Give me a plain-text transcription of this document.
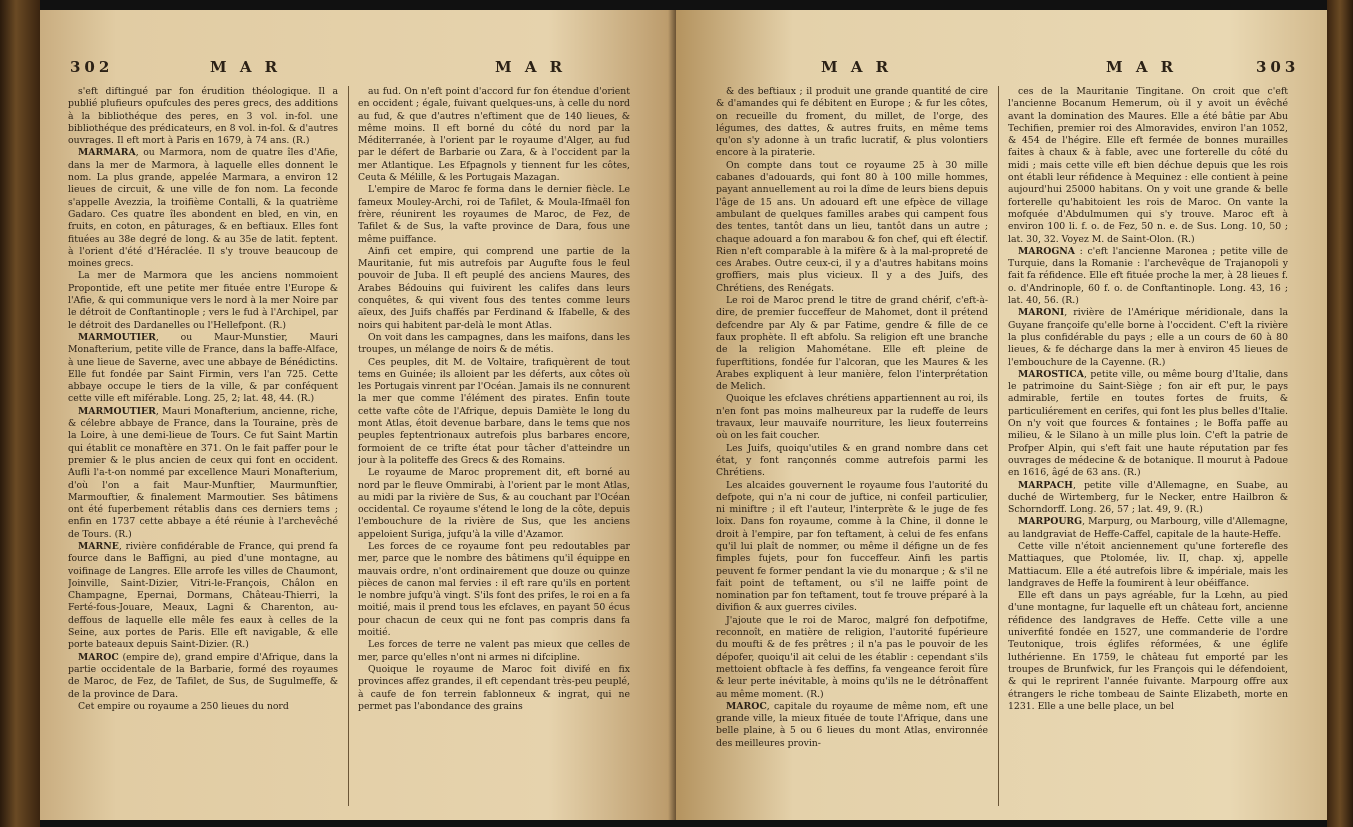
302	M A R	M A R

s'eft diftingué par fon érudition théologique. Il a publié plufieurs opufcules des peres grecs, des additions à la bibliothéque des peres, en 3 vol. in-fol. une bibliothéque des prédicateurs, en 8 vol. in-fol. & d'autres ouvrages. Il eft mort à Paris en 1679, à 74 ans. (R.)

MARMARA, ou Marmora, nom de quatre îles d'Afie, dans la mer de Marmora, à laquelle elles donnent le nom. La plus grande, appelée Marmara, a environ 12 lieues de circuit, & une ville de fon nom. La feconde s'appelle Avezzia, la troifième Contalli, & la quatrième Gadaro. Ces quatre îles abondent en bled, en vin, en fruits, en coton, en pâturages, & en beftiaux. Elles font fituées au 38e degré de long. & au 35e de latit. feptent. à l'orient d'été d'Héraclée. Il s'y trouve beaucoup de moines grecs.

La mer de Marmora que les anciens nommoient Propontide, eft une petite mer fituée entre l'Europe & l'Afie, & qui communique vers le nord à la mer Noire par le détroit de Conftantinople ; vers le fud à l'Archipel, par le détroit des Dardanelles ou l'Hellefpont. (R.)

MARMOUTIER, ou Maur-Munstier, Mauri Monafterium, petite ville de France, dans la baffe-Alface, à une lieue de Saverne, avec une abbaye de Bénédictins. Elle fut fondée par Saint Firmin, vers l'an 725. Cette abbaye occupe le tiers de la ville, & par conféquent cette ville eft miférable. Long. 25, 2; lat. 48, 44. (R.)

MARMOUTIER, Mauri Monafterium, ancienne, riche, & célebre abbaye de France, dans la Touraine, près de la Loire, à une demi-lieue de Tours. Ce fut Saint Martin qui établit ce monaftère en 371. On le fait paffer pour le premier & le plus ancien de ceux qui font en occident. Aufli l'a-t-on nommé par excellence Mauri Monafterium, d'où l'on a fait Maur-Munftier, Maurmunftier, Marmouftier, & finalement Marmoutier. Ses bâtimens ont été fuperbement rétablis dans ces derniers tems ; enfin en 1737 cette abbaye a été réunie à l'archevêché de Tours. (R.)

MARNE, rivière confidérable de France, qui prend fa fource dans le Baffigni, au pied d'une montagne, au voifinage de Langres. Elle arrofe les villes de Chaumont, Joinville, Saint-Dizier, Vitri-le-François, Châlon en Champagne, Epernai, Dormans, Château-Thierri, la Ferté-fous-Jouare, Meaux, Lagni & Charenton, au-deffous de laquelle elle mêle fes eaux à celles de la Seine, aux portes de Paris. Elle eft navigable, & elle porte bateaux depuis Saint-Dizier. (R.)

MAROC (empire de), grand empire d'Afrique, dans la partie occidentale de la Barbarie, formé des royaumes de Maroc, de Fez, de Tafilet, de Sus, de Sugulmeffe, & de la province de Dara.

Cet empire ou royaume a 250 lieues du nord

au fud. On n'eft point d'accord fur fon étendue d'orient en occident ; égale, fuivant quelques-uns, à celle du nord au fud, & que d'autres n'eftiment que de 140 lieues, & même moins. Il eft borné du côté du nord par la Méditerranée, à l'orient par le royaume d'Alger, au fud par le défert de Barbarie ou Zara, & à l'occident par la mer Atlantique. Les Efpagnols y tiennent fur les côtes, Ceuta & Mélille, & les Portugais Mazagan.

L'empire de Maroc fe forma dans le dernier fiècle. Le fameux Mouley-Archi, roi de Tafilet, & Moula-Ifmaël fon frère, réunirent les royaumes de Maroc, de Fez, de Tafilet & de Sus, la vafte province de Dara, fous une même puiffance.

Ainfi cet empire, qui comprend une partie de la Mauritanie, fut mis autrefois par Augufte fous le feul pouvoir de Juba. Il eft peuplé des anciens Maures, des Arabes Bédouins qui fuivirent les califes dans leurs conquêtes, & qui vivent fous des tentes comme leurs aïeux, des Juifs chaffés par Ferdinand & Ifabelle, & des noirs qui habitent par-delà le mont Atlas.

On voit dans les campagnes, dans les maifons, dans les troupes, un mélange de noirs & de métis.

Ces peuples, dit M. de Voltaire, trafiquèrent de tout tems en Guinée; ils alloient par les déferts, aux côtes où les Portugais vinrent par l'Océan. Jamais ils ne connurent la mer que comme l'élément des pirates. Enfin toute cette vafte côte de l'Afrique, depuis Damiète le long du mont Atlas, étoit devenue barbare, dans le tems que nos peuples feptentrionaux autrefois plus barbares encore, formoient de ce trifte état pour tâcher d'atteindre un jour à la politeffe des Grecs & des Romains.

Le royaume de Maroc proprement dit, eft borné au nord par le fleuve Ommirabi, à l'orient par le mont Atlas, au midi par la rivière de Sus, & au couchant par l'Océan occidental. Ce royaume s'étend le long de la côte, depuis l'embouchure de la rivière de Sus, que les anciens appeloient Suriga, jufqu'à la ville d'Azamor.

Les forces de ce royaume font peu redoutables par mer, parce que le nombre des bâtimens qu'il équippe en mauvais ordre, n'ont ordinairement que douze ou quinze pièces de canon mal fervies : il eft rare qu'ils en portent le nombre jufqu'à vingt. S'ils font des prifes, le roi en a fa moitié, mais il prend tous les efclaves, en payant 50 écus pour chacun de ceux qui ne font pas compris dans fa moitié.

Les forces de terre ne valent pas mieux que celles de mer, parce qu'elles n'ont ni armes ni difcipline.

Quoique le royaume de Maroc foit divifé en fix provinces affez grandes, il eft cependant très-peu peuplé, à caufe de fon terrein fablonneux & ingrat, qui ne permet pas l'abondance des grains

M A R	M A R	303

& des beftiaux ; il produit une grande quantité de cire & d'amandes qui fe débitent en Europe ; & fur les côtes, on recueille du froment, du millet, de l'orge, des légumes, des dattes, & autres fruits, en même tems qu'on s'y adonne à un trafic lucratif, & plus volontiers encore à la piraterie.

On compte dans tout ce royaume 25 à 30 mille cabanes d'adouards, qui font 80 à 100 mille hommes, payant annuellement au roi la dîme de leurs biens depuis l'âge de 15 ans. Un adouard eft une efpèce de village ambulant de quelques familles arabes qui campent fous des tentes, tantôt dans un lieu, tantôt dans un autre ; chaque adouard a fon marabou & fon chef, qui eft électif. Rien n'eft comparable à la mifère & à la mal-propreté de ces Arabes. Outre ceux-ci, il y a d'autres habitans moins groffiers, mais plus vicieux. Il y a des Juifs, des Chrétiens, des Renégats.

Le roi de Maroc prend le titre de grand chérif, c'eft-à-dire, de premier fucceffeur de Mahomet, dont il prétend defcendre par Aly & par Fatime, gendre & fille de ce faux prophète. Il eft abfolu. Sa religion eft une branche de la religion Mahométane. Elle eft pleine de fuperftitions, fondée fur l'alcoran, que les Maures & les Arabes expliquent à leur manière, felon l'interprétation de Melich.

Quoique les efclaves chrétiens appartiennent au roi, ils n'en font pas moins malheureux par la rudeffe de leurs travaux, leur mauvaife nourriture, les lieux fouterreins où on les fait coucher.

Les Juifs, quoiqu'utiles & en grand nombre dans cet état, y font rançonnés comme autrefois parmi les Chrétiens.

Les alcaides gouvernent le royaume fous l'autorité du defpote, qui n'a ni cour de juftice, ni confeil particulier, ni miniftre ; il eft l'auteur, l'interprète & le juge de fes loix. Dans fon royaume, comme à la Chine, il donne le droit à l'empire, par fon teftament, à celui de fes enfans qu'il lui plaît de nommer, ou même il défigne un de fes fimples fujets, pour fon fucceffeur. Ainfi les partis peuvent fe former pendant la vie du monarque ; & s'il ne fait point de teftament, ou s'il ne laiffe point de nomination par fon teftament, tout fe trouve préparé à la divifion & aux guerres civiles.

J'ajoute que le roi de Maroc, malgré fon defpotifme, reconnoît, en matière de religion, l'autorité fupérieure du moufti & de fes prêtres ; il n'a pas le pouvoir de les dépofer, quoiqu'il ait celui de les établir : cependant s'ils mettoient obftacle à fes deffins, fa vengeance feroit fûre & leur perte inévitable, à moins qu'ils ne le détrônaffent au même moment. (R.)

MAROC, capitale du royaume de même nom, eft une grande ville, la mieux fituée de toute l'Afrique, dans une belle plaine, à 5 ou 6 lieues du mont Atlas, environnée des meilleures provin-

ces de la Mauritanie Tingitane. On croit que c'eft l'ancienne Bocanum Hemerum, où il y avoit un évêché avant la domination des Maures. Elle a été bâtie par Abu Techifien, premier roi des Almoravides, environ l'an 1052, & 454 de l'hégire. Elle eft fermée de bonnes murailles faites à chaux & à fable, avec une forterelle du côté du midi ; mais cette ville eft bien déchue depuis que les rois ont établi leur réfidence à Mequinez : elle contient à peine aujourd'hui 25000 habitans. On y voit une grande & belle forterelle qu'habitoient les rois de Maroc. On vante la mofquée d'Abdulmumen qui s'y trouve. Maroc eft à environ 100 li. f. o. de Fez, 50 n. e. de Sus. Long. 10, 50 ; lat. 30, 32. Voyez M. de Saint-Olon. (R.)

MAROGNA : c'eft l'ancienne Maronea ; petite ville de Turquie, dans la Romanie : l'archevêque de Trajanopoli y fait fa réfidence. Elle eft fituée proche la mer, à 28 lieues f. o. d'Andrinople, 60 f. o. de Conftantinople. Long. 43, 16 ; lat. 40, 56. (R.)

MARONI, rivière de l'Amérique méridionale, dans la Guyane françoife qu'elle borne à l'occident. C'eft la rivière la plus confidérable du pays ; elle a un cours de 60 à 80 lieues, & fe décharge dans la mer à environ 45 lieues de l'embouchure de la Cayenne. (R.)

MAROSTICA, petite ville, ou même bourg d'Italie, dans le patrimoine du Saint-Siège ; fon air eft pur, le pays admirable, fertile en toutes fortes de fruits, & particuliérement en cerifes, qui font les plus belles d'Italie. On n'y voit que fources & fontaines ; le Boffa paffe au milieu, & le Silano à un mille plus loin. C'eft la patrie de Profper Alpin, qui s'eft fait une haute réputation par fes ouvrages de médecine & de botanique. Il mourut à Padoue en 1616, âgé de 63 ans. (R.)

MARPACH, petite ville d'Allemagne, en Suabe, au duché de Wirtemberg, fur le Necker, entre Hailbron & Schorndorff. Long. 26, 57 ; lat. 49, 9. (R.)

MARPOURG, Marpurg, ou Marbourg, ville d'Allemagne, au landgraviat de Heffe-Caffel, capitale de la haute-Heffe.

Cette ville n'étoit anciennement qu'une forterefle des Mattiaques, que Ptolomée, liv. II, chap. xj, appelle Mattiacum. Elle a été autrefois libre & impériale, mais les landgraves de Heffe la foumirent à leur obéiffance.

Elle eft dans un pays agréable, fur la Lœhn, au pied d'une montagne, fur laquelle eft un château fort, ancienne réfidence des landgraves de Heffe. Cette ville a une univerfité fondée en 1527, une commanderie de l'ordre Teutonique, trois églifes réformées, & une églife luthérienne. En 1759, le château fut emporté par les troupes de Brunfwick, fur les François qui le défendoient, & qui le reprirent l'année fuivante. Marpourg offre aux étrangers le riche tombeau de Sainte Elizabeth, morte en 1231. Elle a une belle place, un bel
